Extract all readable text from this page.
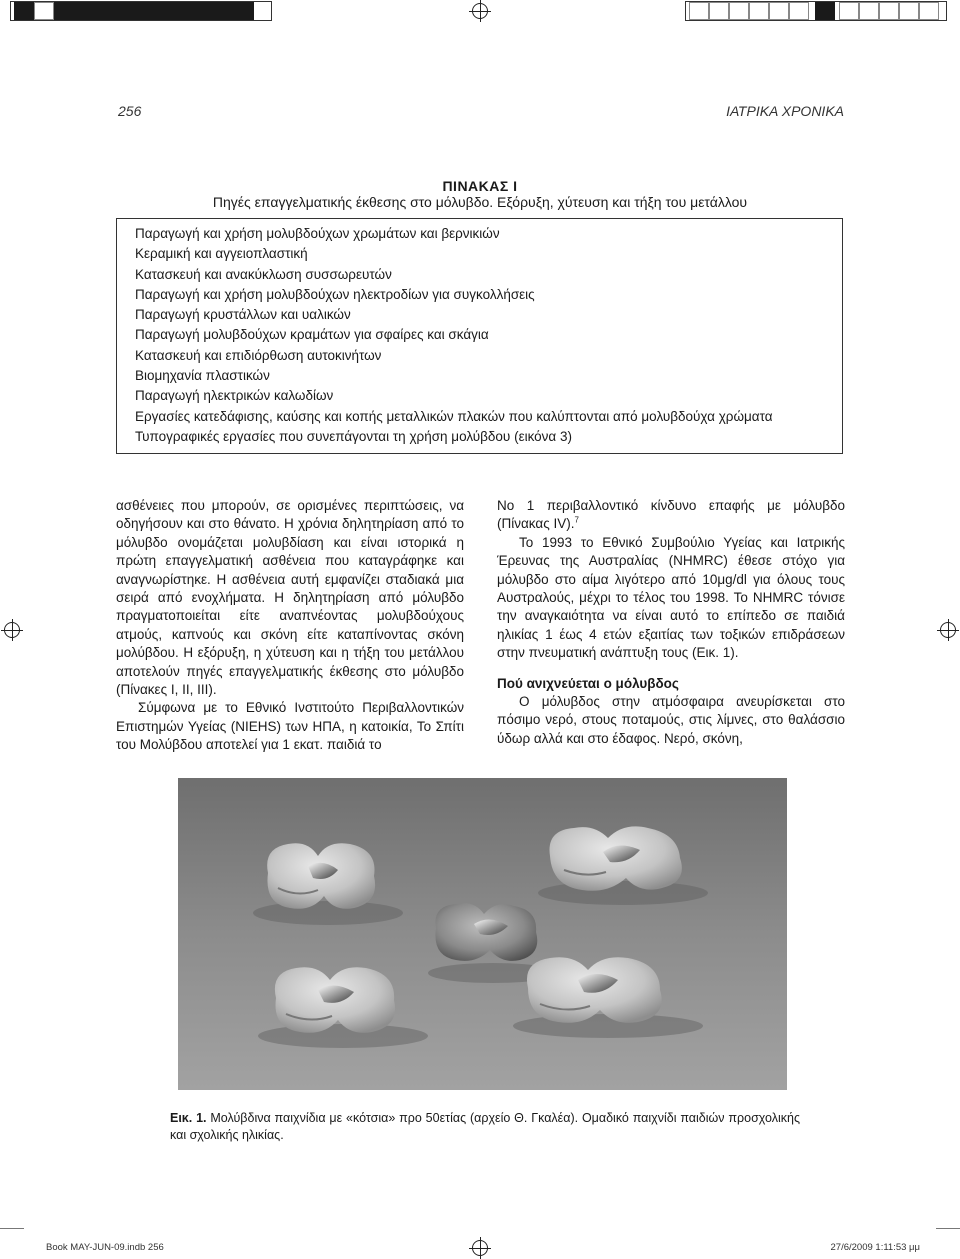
256	ΙΑΤΡΙΚΑ ΧΡΟΝΙΚΑ
ΠΙΝΑΚΑΣ Ι
Πηγές επαγγελματικής έκθεσης στο μόλυβδο. Εξόρυξη, χύτευση και τήξη του μετάλλου
Παραγωγή και χρήση μολυβδούχων χρωμάτων και βερνικιών
Κεραμική και αγγειοπλαστική
Κατασκευή και ανακύκλωση συσσωρευτών
Παραγωγή και χρήση μολυβδούχων ηλεκτροδίων για συγκολλήσεις
Παραγωγή κρυστάλλων και υαλικών
Παραγωγή μολυβδούχων κραμάτων για σφαίρες και σκάγια
Κατασκευή και επιδιόρθωση αυτοκινήτων
Βιομηχανία πλαστικών
Παραγωγή ηλεκτρικών καλωδίων
Εργασίες κατεδάφισης, καύσης και κοπής μεταλλικών πλακών που καλύπτονται από μολυβδούχα χρώματα
Τυπογραφικές εργασίες που συνεπάγονται τη χρήση μολύβδου (εικόνα 3)

ασθένειες που μπορούν, σε ορισμένες περιπτώσεις, να οδηγήσουν και στο θάνατο. Η χρόνια δηλητηρίαση από το μόλυβδο ονομάζεται μολυβδίαση και είναι ιστορικά η πρώτη επαγγελματική ασθένεια που καταγράφηκε και αναγνωρίστηκε. Η ασθένεια αυτή εμφανίζει σταδιακά μια σειρά από ενοχλήματα. Η δηλητηρίαση από μόλυβδο πραγματοποιείται είτε αναπνέοντας μολυβδούχους ατμούς, καπνούς και σκόνη είτε καταπίνοντας σκόνη μολύβδου. Η εξόρυξη, η χύτευση και η τήξη του μετάλλου αποτελούν πηγές επαγγελματικής έκθεσης στο μόλυβδο (Πίνακες I, II, III).

Σύμφωνα με το Εθνικό Ινστιτούτο Περιβαλλοντικών Επιστημών Υγείας (NIEHS) των ΗΠΑ, η κατοικία, Το Σπίτι του Μολύβδου αποτελεί για 1 εκατ. παιδιά το

Νο 1 περιβαλλοντικό κίνδυνο επαφής με μόλυβδο (Πίνακας IV).$^7$

Το 1993 το Εθνικό Συμβούλιο Υγείας και Ιατρικής Έρευνας της Αυστραλίας (NHMRC) έθεσε στόχο για μόλυβδο στο αίμα λιγότερο από 10μg/dl για όλους τους Αυστραλούς, μέχρι το τέλος του 1998. Το NHMRC τόνισε την αναγκαιότητα να είναι αυτό το επίπεδο σε παιδιά ηλικίας 1 έως 4 ετών εξαιτίας των τοξικών επιδράσεων στην πνευματική ανάπτυξη τους (Εικ. 1).

Πού ανιχνεύεται ο μόλυβδος

Ο μόλυβδος στην ατμόσφαιρα ανευρίσκεται στο πόσιμο νερό, στους ποταμούς, στις λίμνες, στο θαλάσσιο ύδωρ αλλά και στο έδαφος. Νερό, σκόνη,

Εικ. 1. Μολύβδινα παιχνίδια με «κότσια» προ 50ετίας (αρχείο Θ. Γκαλέα). Ομαδικό παιχνίδι παιδιών προσχολικής και σχολικής ηλικίας.
Book MAY-JUN-09.indb 256	27/6/2009 1:11:53 μμ
